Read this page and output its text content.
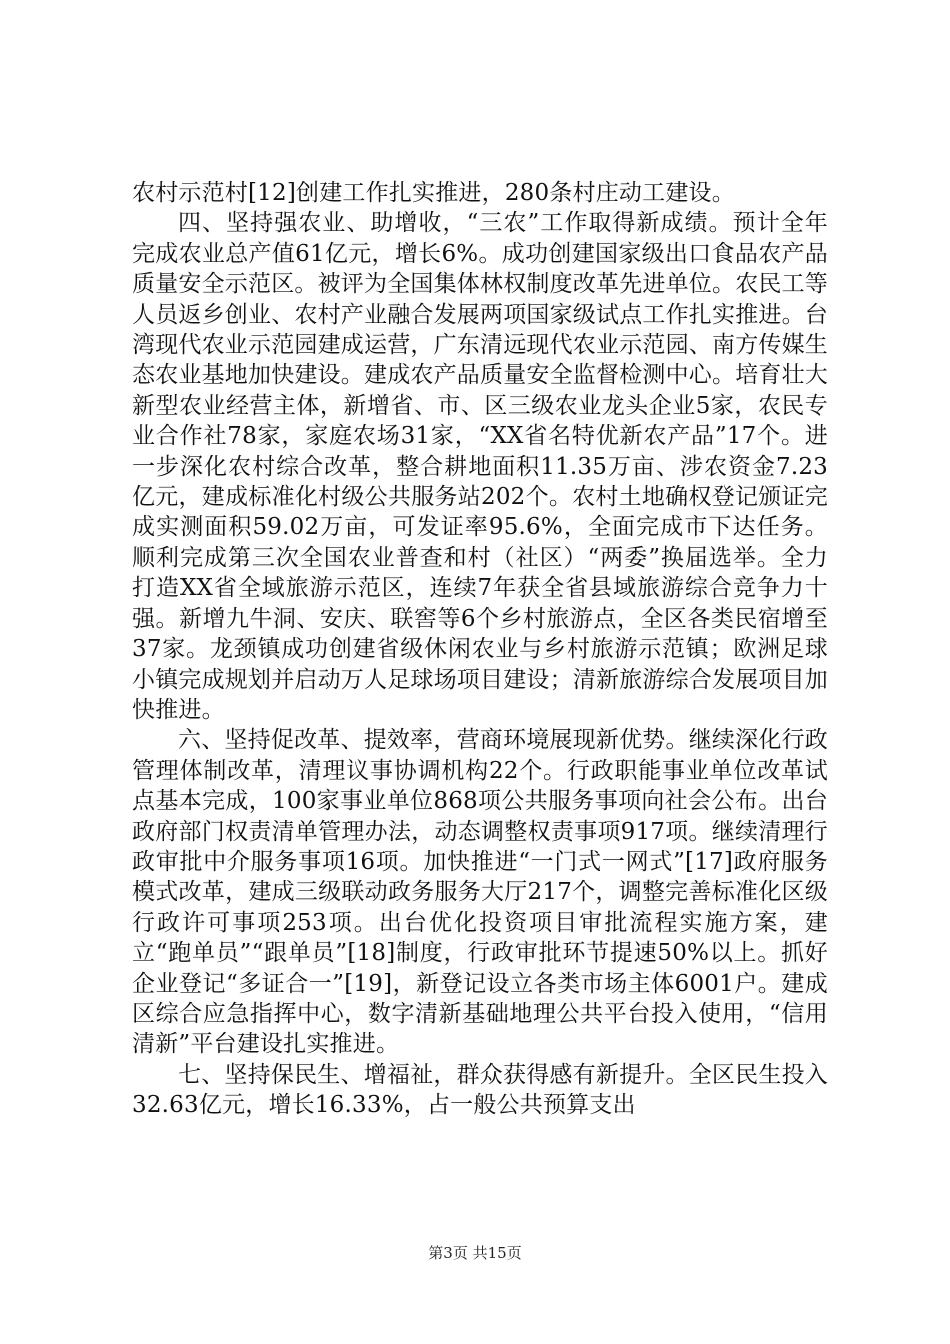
农村示范村[12]创建工作扎实推进，280条村庄动工建设。

四、坚持强农业、助增收，“三农”工作取得新成绩。预计全年完成农业总产值61亿元，增长6%。成功创建国家级出口食品农产品质量安全示范区。被评为全国集体林权制度改革先进单位。农民工等人员返乡创业、农村产业融合发展两项国家级试点工作扎实推进。台湾现代农业示范园建成运营，广东清远现代农业示范园、南方传媒生态农业基地加快建设。建成农产品质量安全监督检测中心。培育壮大新型农业经营主体，新增省、市、区三级农业龙头企业5家，农民专业合作社78家，家庭农场31家，“XX省名特优新农产品”17个。进一步深化农村综合改革，整合耕地面积11.35万亩、涉农资金7.23亿元，建成标准化村级公共服务站202个。农村土地确权登记颁证完成实测面积59.02万亩，可发证率95.6%，全面完成市下达任务。顺利完成第三次全国农业普查和村（社区）“两委”换届选举。全力打造XX省全域旅游示范区，连续7年获全省县域旅游综合竞争力十强。新增九牛洞、安庆、联窖等6个乡村旅游点，全区各类民宿增至37家。龙颈镇成功创建省级休闲农业与乡村旅游示范镇；欧洲足球小镇完成规划并启动万人足球场项目建设；清新旅游综合发展项目加快推进。

六、坚持促改革、提效率，营商环境展现新优势。继续深化行政管理体制改革，清理议事协调机构22个。行政职能事业单位改革试点基本完成，100家事业单位868项公共服务事项向社会公布。出台政府部门权责清单管理办法，动态调整权责事项917项。继续清理行政审批中介服务事项16项。加快推进“一门式一网式”[17]政府服务模式改革，建成三级联动政务服务大厅217个，调整完善标准化区级行政许可事项253项。出台优化投资项目审批流程实施方案，建立“跑单员”“跟单员”[18]制度，行政审批环节提速50%以上。抓好企业登记“多证合一”[19]，新登记设立各类市场主体6001户。建成区综合应急指挥中心，数字清新基础地理公共平台投入使用，“信用清新”平台建设扎实推进。

七、坚持保民生、增福祉，群众获得感有新提升。全区民生投入32.63亿元，增长16.33%，占一般公共预算支出

第3页 共15页
